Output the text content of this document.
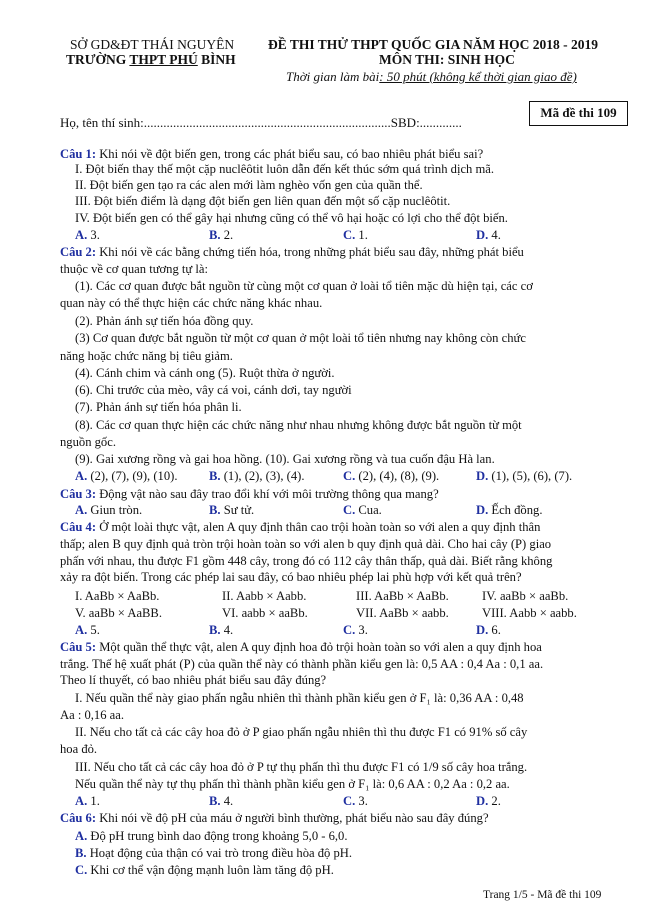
SỞ GD&ĐT THÁI NGUYÊN
TRƯỜNG THPT PHÚ BÌNH
ĐỀ THI THỬ THPT QUỐC GIA NĂM HỌC 2018 - 2019
MÔN THI: SINH HỌC
Thời gian làm bài: 50 phút (không kể thời gian giao đề)
Họ, tên thí sinh:............................................................................SBD:.............
Mã đề thi 109
Câu 1: Khi nói về đột biến gen, trong các phát biểu sau, có bao nhiêu phát biểu sai?
I. Đột biến thay thế một cặp nuclêôtit luôn dẫn đến kết thúc sớm quá trình dịch mã.
II. Đột biến gen tạo ra các alen mới làm nghèo vốn gen của quần thể.
III. Đột biến điểm là dạng đột biến gen liên quan đến một số cặp nuclêôtit.
IV. Đột biến gen có thể gây hại nhưng cũng có thể vô hại hoặc có lợi cho thể đột biến.
A. 3.	B. 2.	C. 1.	D. 4.
Câu 2: Khi nói về các bằng chứng tiến hóa, trong những phát biểu sau đây, những phát biểu
thuộc về cơ quan tương tự là:
(1). Các cơ quan được bắt nguồn từ cùng một cơ quan ở loài tổ tiên mặc dù hiện tại, các cơ
quan này có thể thực hiện các chức năng khác nhau.
(2). Phản ánh sự tiến hóa đồng quy.
(3) Cơ quan được bắt nguồn từ một cơ quan ở một loài tổ tiên nhưng nay không còn chức
năng hoặc chức năng bị tiêu giảm.
(4). Cánh chim và cánh ong (5). Ruột thừa ở người.
(6). Chi trước của mèo, vây cá voi, cánh dơi, tay người
(7). Phản ánh sự tiến hóa phân li.
(8). Các cơ quan thực hiện các chức năng như nhau nhưng không được bắt nguồn từ một
nguồn gốc.
(9). Gai xương rồng và gai hoa hồng. (10). Gai xương rồng và tua cuốn đậu Hà lan.
A. (2), (7), (9), (10).	B. (1), (2), (3), (4).	C. (2), (4), (8), (9).	D. (1), (5), (6), (7).
Câu 3: Động vật nào sau đây trao đổi khí với môi trường thông qua mang?
A. Giun tròn.	B. Sư tử.	C. Cua.	D. Ếch đồng.
Câu 4: Ở một loài thực vật, alen A quy định thân cao trội hoàn toàn so với alen a quy định thân
thấp; alen B quy định quả tròn trội hoàn toàn so với alen b quy định quả dài. Cho hai cây (P) giao
phấn với nhau, thu được F1 gồm 448 cây, trong đó có 112 cây thân thấp, quả dài. Biết rằng không
xảy ra đột biến. Trong các phép lai sau đây, có bao nhiêu phép lai phù hợp với kết quả trên?
I. AaBb × AaBb.	II. Aabb × Aabb.	III. AaBb × AaBb.	IV. aaBb × aaBb.
V. aaBb × AaBB.	VI. aabb × aaBb.	VII. AaBb × aabb.	VIII. Aabb × aabb.
A. 5.	B. 4.	C. 3.	D. 6.
Câu 5: Một quần thể thực vật, alen A quy định hoa đỏ trội hoàn toàn so với alen a quy định hoa
trắng. Thế hệ xuất phát (P) của quần thể này có thành phần kiểu gen là: 0,5 AA : 0,4 Aa : 0,1 aa.
Theo lí thuyết, có bao nhiêu phát biểu sau đây đúng?
I. Nếu quần thể này giao phấn ngẫu nhiên thì thành phần kiểu gen ở F₁ là: 0,36 AA : 0,48
Aa : 0,16 aa.
II. Nếu cho tất cả các cây hoa đỏ ở P giao phấn ngẫu nhiên thì thu được F1 có 91% số cây
hoa đỏ.
III. Nếu cho tất cả các cây hoa đỏ ở P tự thụ phấn thì thu được F1 có 1/9 số cây hoa trắng.
Nếu quần thể này tự thụ phấn thì thành phần kiểu gen ở F₁ là: 0,6 AA : 0,2 Aa : 0,2 aa.
A. 1.	B. 4.	C. 3.	D. 2.
Câu 6: Khi nói về độ pH của máu ở người bình thường, phát biểu nào sau đây đúng?
A. Độ pH trung bình dao động trong khoảng 5,0 - 6,0.
B. Hoạt động của thận có vai trò trong điều hòa độ pH.
C. Khi cơ thể vận động mạnh luôn làm tăng độ pH.
Trang 1/5 - Mã đề thi 109
